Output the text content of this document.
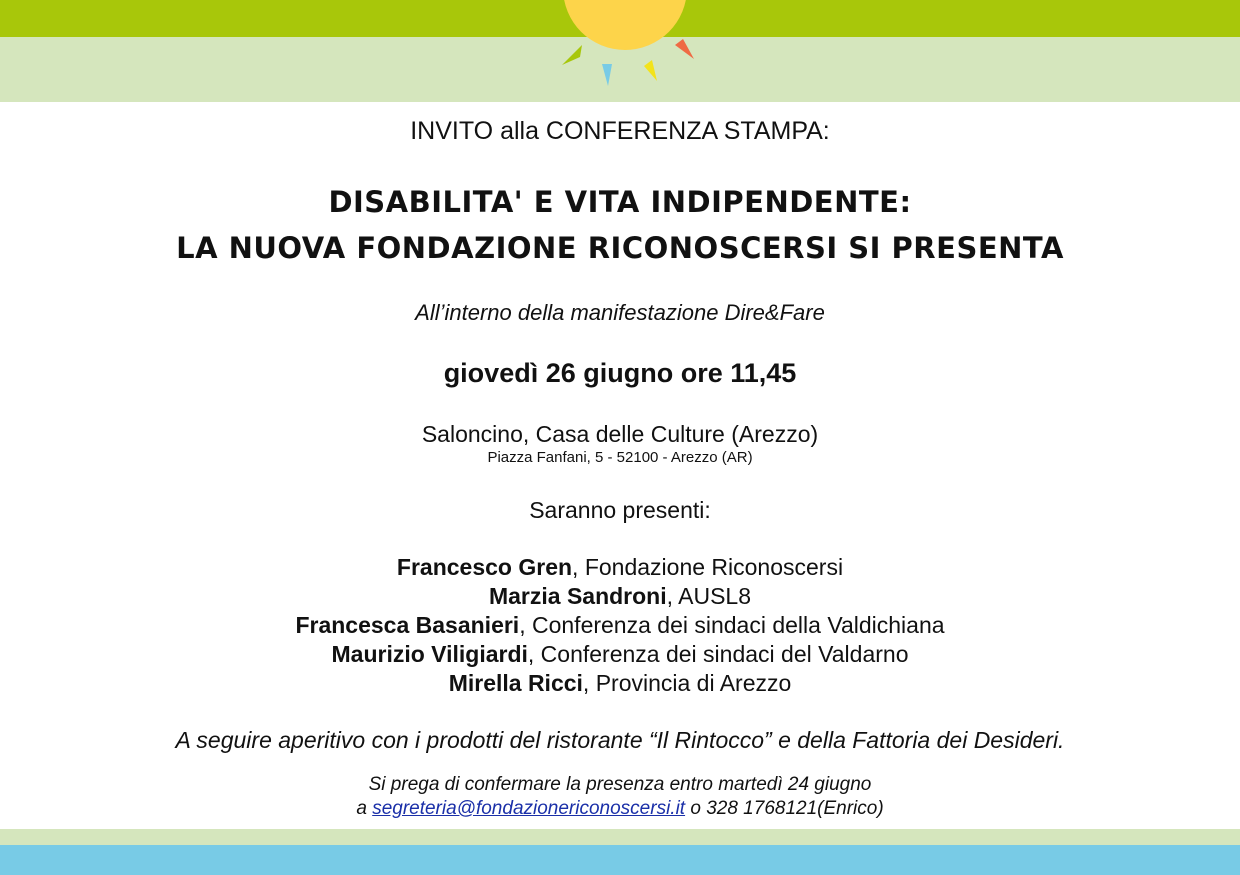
INVITO alla CONFERENZA STAMPA:
DISABILITA' E VITA INDIPENDENTE:
LA NUOVA FONDAZIONE RICONOSCERSI SI PRESENTA
All’interno della manifestazione Dire&Fare
giovedì 26 giugno ore 11,45
Saloncino, Casa delle Culture (Arezzo)
Piazza Fanfani, 5 - 52100 - Arezzo (AR)
Saranno presenti:
Francesco Gren, Fondazione Riconoscersi
Marzia Sandroni, AUSL8
Francesca Basanieri, Conferenza dei sindaci della Valdichiana
Maurizio Viligiardi, Conferenza dei sindaci del Valdarno
Mirella Ricci, Provincia di Arezzo
A seguire aperitivo con i prodotti del ristorante “Il Rintocco” e della Fattoria dei Desideri.
Si prega di confermare la presenza entro martedì 24 giugno
a segreteria@fondazionericonoscersi.it o 328 1768121(Enrico)
